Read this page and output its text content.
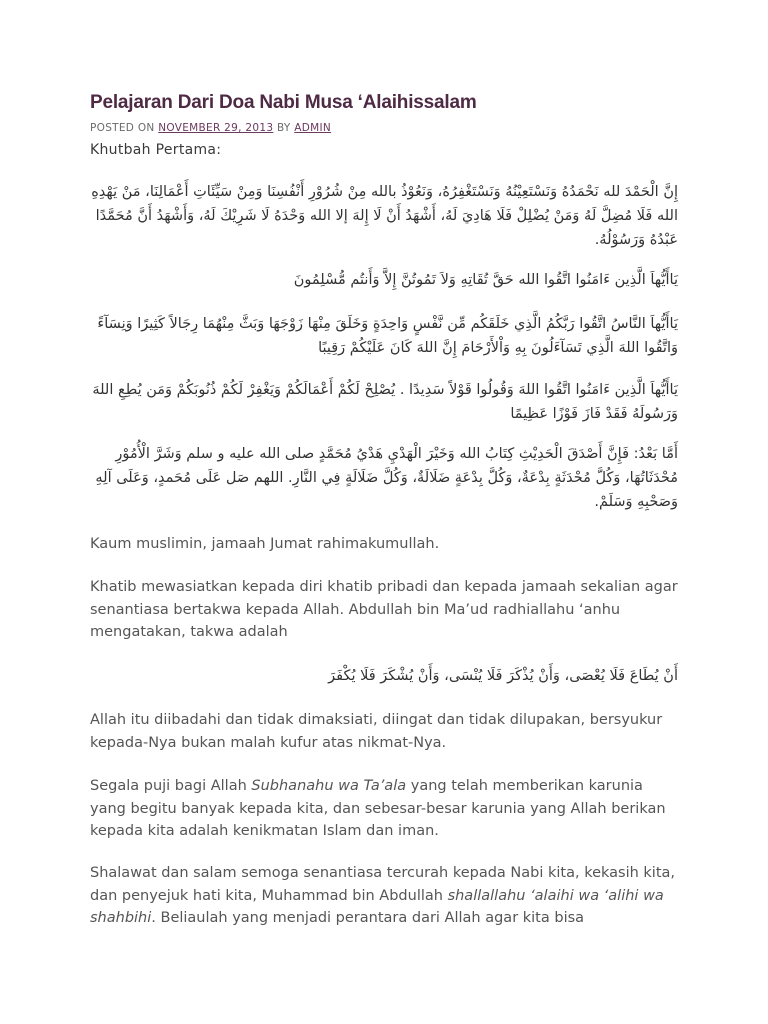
Pelajaran Dari Doa Nabi Musa ‘Alaihissalam
POSTED ON NOVEMBER 29, 2013 BY ADMIN
Khutbah Pertama:
إِنَّ الْحَمْدَ لله نَحْمَدُهُ وَنَسْتَعِيْنُهُ وَنَسْتَغْفِرُهُ، وَنَعُوْذُ بالله مِنْ شُرُوْرِ أَنْفُسِنَا وَمِنْ سَيِّئَاتِ أَعْمَالِنَا، مَنْ يَهْدِهِ الله فَلَا مُضِلَّ لَهُ وَمَنْ يُضْلِلْ فَلَا هَادِيَ لَهُ، أَشْهَدُ أَنْ لَا إِلهَ إلا الله وَحْدَهُ لَا شَرِيْكَ لَهُ، وَأَشْهَدُ أَنَّ مُحَمَّدًا عَبْدُهُ وَرَسُوْلُهُ.
يَاأَيُّهاَ الَّذِين ءَامَنُوا اتَّقُوا الله حَقَّ تُقَاتِهِ وَلاَ تَمُوتُنَّ إِلاَّ وَأَنتُم مُّسْلِمُونَ
يَاأَيُّهاَ النَّاسُ اتَّقُوا رَبَّكُمُ الَّذِي خَلَقَكُم مِّن نَّفْسٍ وَاحِدَةٍ وَخَلَقَ مِنْهَا زَوْجَهَا وَبَثَّ مِنْهُمَا رِجَالاً كَثِيرًا وَنِسَآءً وَاتَّقُوا اللهَ الَّذِي تَسَآءَلُونَ بِهِ وَاْلأَرْحَامَ إِنَّ اللهَ كَانَ عَلَيْكُمْ رَقِيبًا
يَاأَيُّهاَ الَّذِين ءَامَنُوا اتَّقُوا اللهَ وَقُولُوا قَوْلاً سَدِيدًا . يُصْلِحْ لَكُمْ أَعْمَالَكُمْ وَيَغْفِرْ لَكُمْ ذُنُوبَكُمْ وَمَن يُطِعِ اللهَ وَرَسُولَهُ فَقَدْ فَازَ فَوْزًا عَظِيمًا
أَمَّا بَعْدُ: فَإِنَّ أَصْدَقَ الْحَدِيْثِ كِتَابُ الله وَخَيْرَ الْهَدْيِ هَدْيُ مُحَمَّدٍ صلى الله عليه و سلم وَشَرَّ الْأُمُوْرِ مُحْدَثَاتُهَا، وَكُلَّ مُحْدَثَةٍ بِدْعَةٌ، وَكُلَّ بِدْعَةٍ ضَلَالَةٌ، وَكُلَّ ضَلَالَةٍ فِي النَّارِ. اللهم صَل عَلَى مُحَمدٍ، وَعَلَى آلِهِ وَصَحْبِهِ وَسَلَمْ.

Kaum muslimin, jamaah Jumat rahimakumullah.

Khatib mewasiatkan kepada diri khatib pribadi dan kepada jamaah sekalian agar senantiasa bertakwa kepada Allah. Abdullah bin Ma’ud radhiallahu ‘anhu mengatakan, takwa adalah

أَنْ يُطَاعَ فَلَا يُعْصَى، وَأَنْ يُذْكَرَ فَلَا يُنْسَى، وَأَنْ يُشْكَرَ فَلَا يُكْفَرَ

Allah itu diibadahi dan tidak dimaksiati, diingat dan tidak dilupakan, bersyukur kepada-Nya bukan malah kufur atas nikmat-Nya.

Segala puji bagi Allah Subhanahu wa Ta’ala yang telah memberikan karunia yang begitu banyak kepada kita, dan sebesar-besar karunia yang Allah berikan kepada kita adalah kenikmatan Islam dan iman.

Shalawat dan salam semoga senantiasa tercurah kepada Nabi kita, kekasih kita, dan penyejuk hati kita, Muhammad bin Abdullah shallallahu ‘alaihi wa ‘alihi wa shahbihi. Beliaulah yang menjadi perantara dari Allah agar kita bisa
